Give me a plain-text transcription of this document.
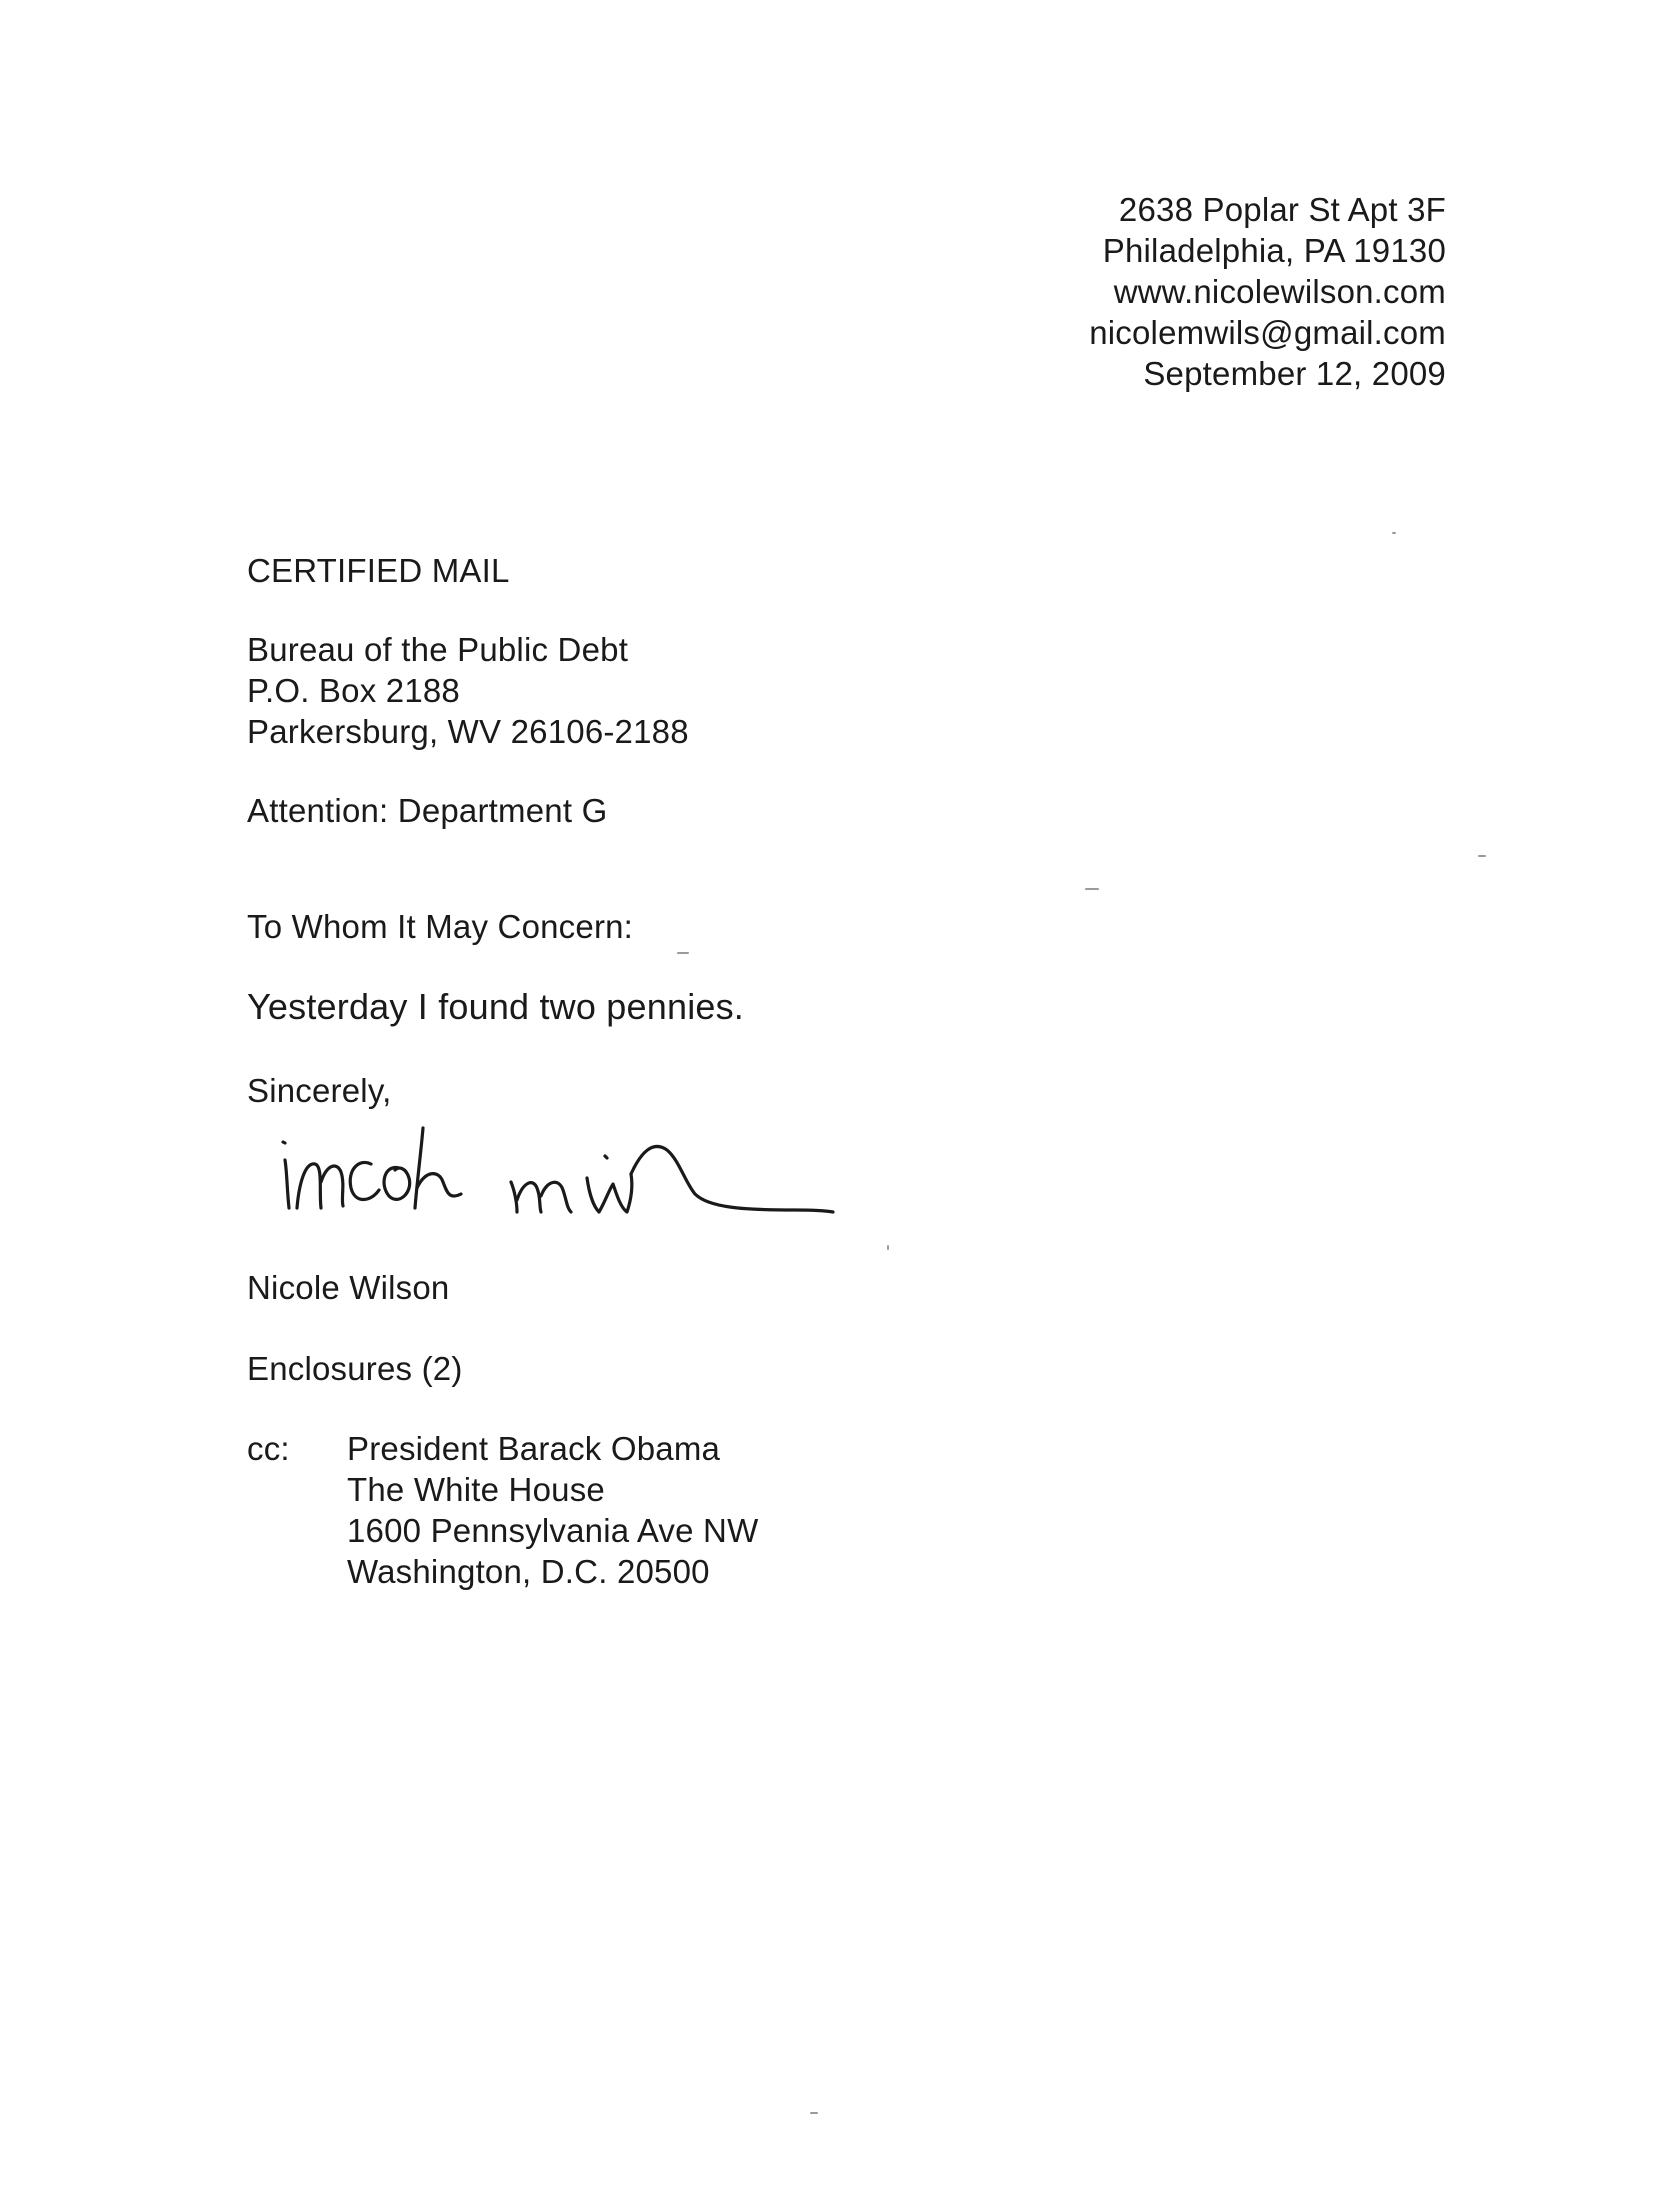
2638 Poplar St Apt 3F
Philadelphia, PA 19130
www.nicolewilson.com
nicolemwils@gmail.com
September 12, 2009
CERTIFIED MAIL
Bureau of the Public Debt
P.O. Box 2188
Parkersburg, WV 26106-2188
Attention: Department G
To Whom It May Concern:
Yesterday I found two pennies.
Sincerely,
Nicole Wilson
Enclosures (2)
cc: President Barack Obama
The White House
1600 Pennsylvania Ave NW
Washington, D.C. 20500
